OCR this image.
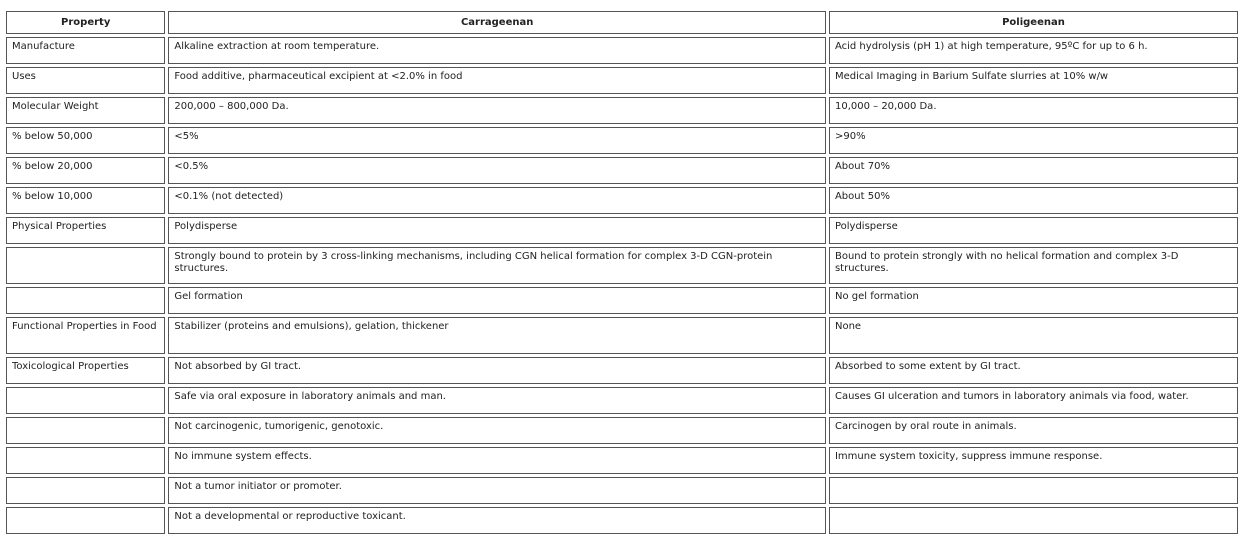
Property	Carrageenan	Poligeenan
Manufacture	Alkaline extraction at room temperature.	Acid hydrolysis (pH 1) at high temperature, 95ºC for up to 6 h.
Uses	Food additive, pharmaceutical excipient at <2.0% in food	Medical Imaging in Barium Sulfate slurries at 10% w/w
Molecular Weight	200,000 – 800,000 Da.	10,000 – 20,000 Da.
% below 50,000	<5%	>90%
% below 20,000	<0.5%	About 70%
% below 10,000	<0.1% (not detected)	About 50%
Physical Properties	Polydisperse	Polydisperse
	Strongly bound to protein by 3 cross-linking mechanisms, including CGN helical formation for complex 3-D CGN-protein structures.	Bound to protein strongly with no helical formation and complex 3-D structures.
	Gel formation	No gel formation
Functional Properties in Food	Stabilizer (proteins and emulsions), gelation, thickener	None
Toxicological Properties	Not absorbed by GI tract.	Absorbed to some extent by GI tract.
	Safe via oral exposure in laboratory animals and man.	Causes GI ulceration and tumors in laboratory animals via food, water.
	Not carcinogenic, tumorigenic, genotoxic.	Carcinogen by oral route in animals.
	No immune system effects.	Immune system toxicity, suppress immune response.
	Not a tumor initiator or promoter.	
	Not a developmental or reproductive toxicant.	
